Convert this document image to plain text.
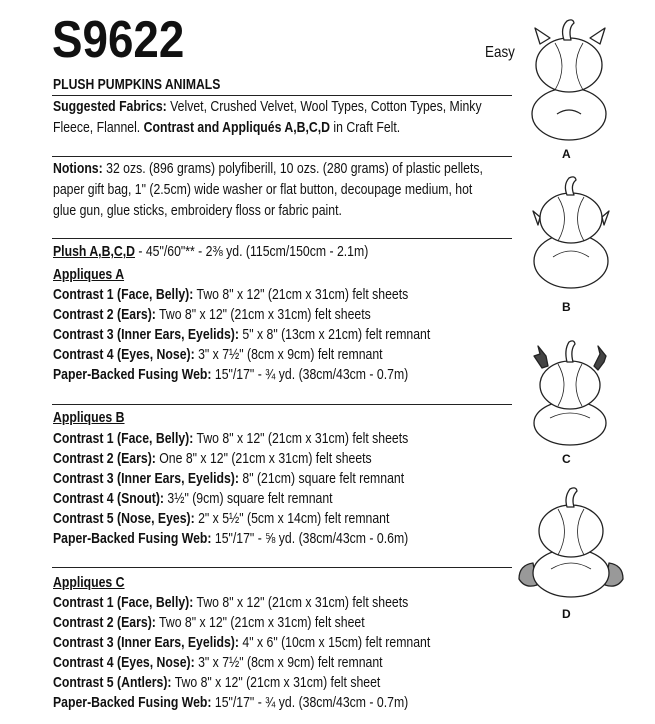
S9622	Easy
PLUSH PUMPKINS ANIMALS
Suggested Fabrics: Velvet, Crushed Velvet, Wool Types, Cotton Types, Minky
Fleece, Flannel. Contrast and Appliqués A,B,C,D in Craft Felt.
Notions: 32 ozs. (896 grams) polyfiberill, 10 ozs. (280 grams) of plastic pellets,
paper gift bag, 1" (2.5cm) wide washer or flat button, decoupage medium, hot
glue gun, glue sticks, embroidery floss or fabric paint.
Plush A,B,C,D - 45"/60"** - 2⅜ yd. (115cm/150cm - 2.1m)
Appliques A
Contrast 1 (Face, Belly): Two 8" x 12" (21cm x 31cm) felt sheets
Contrast 2 (Ears): Two 8" x 12" (21cm x 31cm) felt sheets
Contrast 3 (Inner Ears, Eyelids): 5" x 8" (13cm x 21cm) felt remnant
Contrast 4 (Eyes, Nose): 3" x 7½" (8cm x 9cm) felt remnant
Paper-Backed Fusing Web: 15"/17" - ¾ yd. (38cm/43cm - 0.7m)
Appliques B
Contrast 1 (Face, Belly): Two 8" x 12" (21cm x 31cm) felt sheets
Contrast 2 (Ears): One 8" x 12" (21cm x 31cm) felt sheets
Contrast 3 (Inner Ears, Eyelids): 8" (21cm) square felt remnant
Contrast 4 (Snout): 3½" (9cm) square felt remnant
Contrast 5 (Nose, Eyes): 2" x 5½" (5cm x 14cm) felt remnant
Paper-Backed Fusing Web: 15"/17" - ⅝ yd. (38cm/43cm - 0.6m)
Appliques C
Contrast 1 (Face, Belly): Two 8" x 12" (21cm x 31cm) felt sheets
Contrast 2 (Ears): Two 8" x 12" (21cm x 31cm) felt sheet
Contrast 3 (Inner Ears, Eyelids): 4" x 6" (10cm x 15cm) felt remnant
Contrast 4 (Eyes, Nose): 3" x 7½" (8cm x 9cm) felt remnant
Contrast 5 (Antlers): Two 8" x 12" (21cm x 31cm) felt sheet
Paper-Backed Fusing Web: 15"/17" - ¾ yd. (38cm/43cm - 0.7m)
A
B
C
D
